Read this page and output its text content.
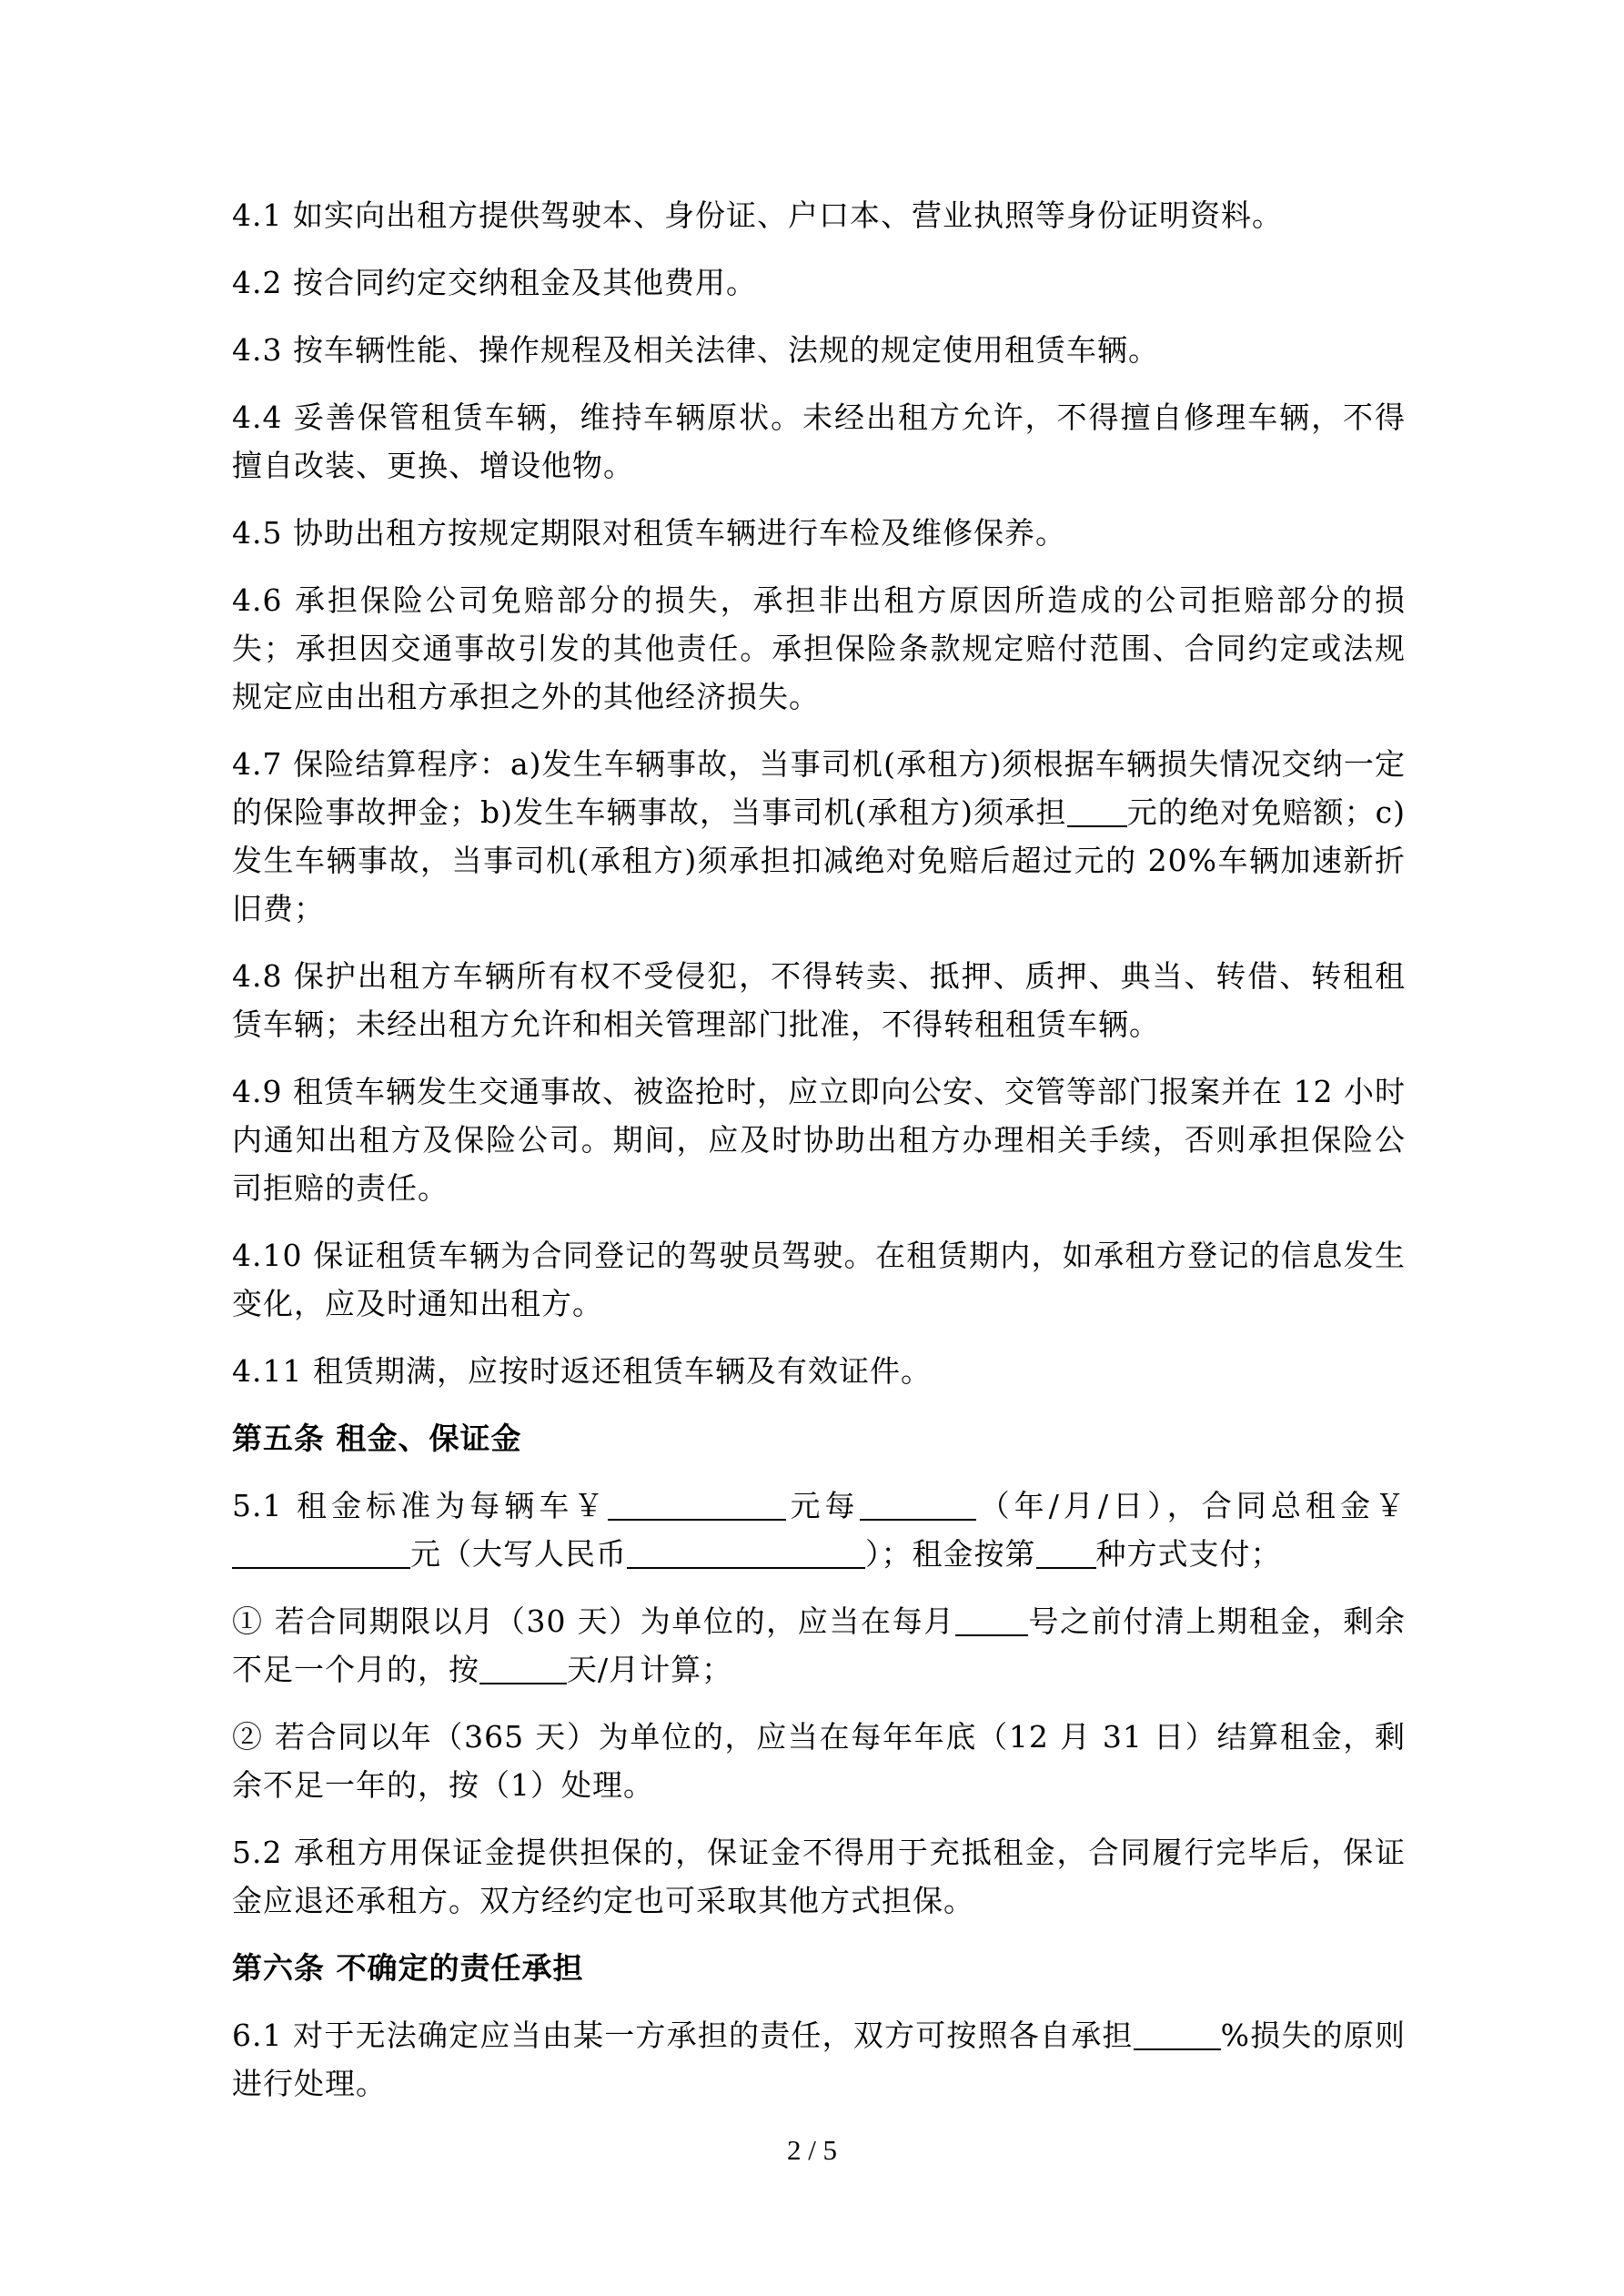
4.1 如实向出租方提供驾驶本、身份证、户口本、营业执照等身份证明资料。

4.2 按合同约定交纳租金及其他费用。

4.3 按车辆性能、操作规程及相关法律、法规的规定使用租赁车辆。

4.4 妥善保管租赁车辆，维持车辆原状。未经出租方允许，不得擅自修理车辆，不得擅自改装、更换、增设他物。

4.5 协助出租方按规定期限对租赁车辆进行车检及维修保养。

4.6 承担保险公司免赔部分的损失，承担非出租方原因所造成的公司拒赔部分的损失；承担因交通事故引发的其他责任。承担保险条款规定赔付范围、合同约定或法规规定应由出租方承担之外的其他经济损失。

4.7 保险结算程序：a)发生车辆事故，当事司机(承租方)须根据车辆损失情况交纳一定的保险事故押金；b)发生车辆事故，当事司机(承租方)须承担 元的绝对免赔额；c)发生车辆事故，当事司机(承租方)须承担扣减绝对免赔后超过元的 20%车辆加速新折旧费；

4.8 保护出租方车辆所有权不受侵犯，不得转卖、抵押、质押、典当、转借、转租租赁车辆；未经出租方允许和相关管理部门批准，不得转租租赁车辆。

4.9 租赁车辆发生交通事故、被盗抢时，应立即向公安、交管等部门报案并在 12 小时内通知出租方及保险公司。期间，应及时协助出租方办理相关手续，否则承担保险公司拒赔的责任。

4.10 保证租赁车辆为合同登记的驾驶员驾驶。在租赁期内，如承租方登记的信息发生变化，应及时通知出租方。

4.11 租赁期满，应按时返还租赁车辆及有效证件。

第五条 租金、保证金

5.1 租金标准为每辆车￥	元每	（年/月/日），合同总租金￥元（大写人民币	）；租金按第 种方式支付；

① 若合同期限以月（30 天）为单位的，应当在每月 号之前付清上期租金，剩余不足一个月的，按	天/月计算；

② 若合同以年（365 天）为单位的，应当在每年年底（12 月 31 日）结算租金，剩余不足一年的，按（1）处理。

5.2 承租方用保证金提供担保的，保证金不得用于充抵租金，合同履行完毕后，保证金应退还承租方。双方经约定也可采取其他方式担保。

第六条 不确定的责任承担

6.1 对于无法确定应当由某一方承担的责任，双方可按照各自承担	%损失的原则进行处理。

2 / 5
